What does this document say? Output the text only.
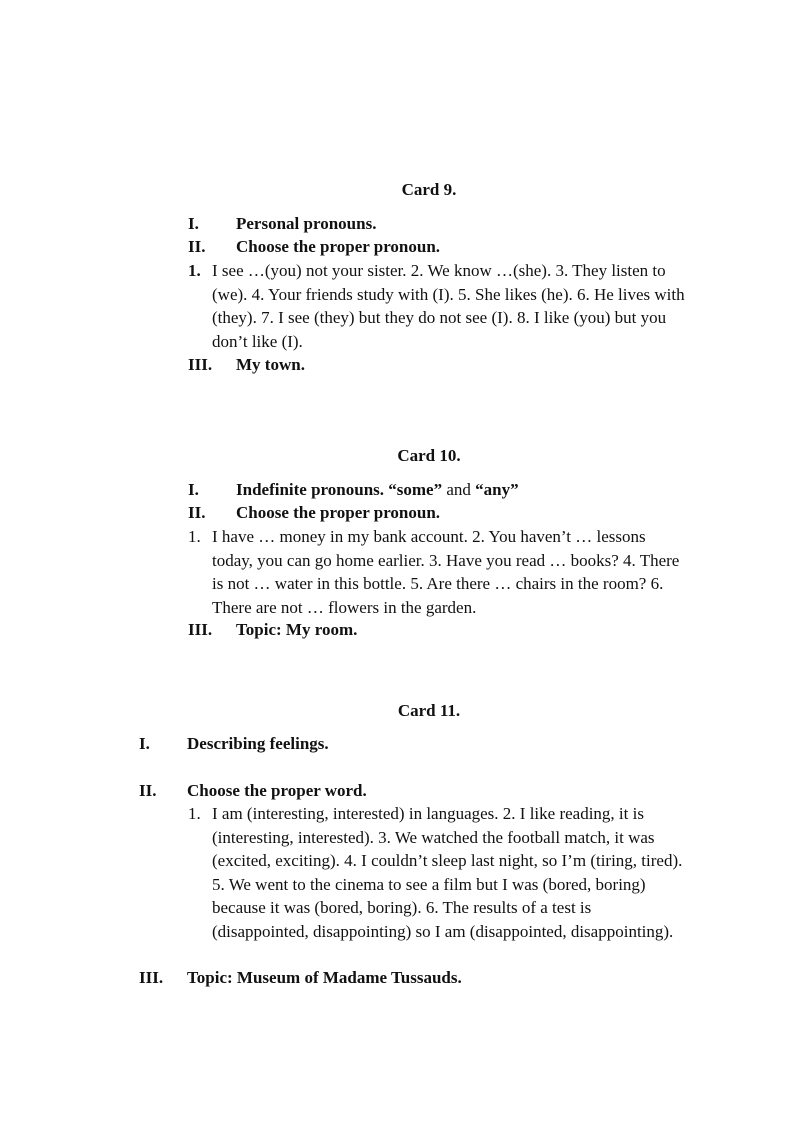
Card 9.
I. Personal pronouns.
II. Choose the proper pronoun.
1. I see …(you) not your sister. 2. We know …(she). 3. They listen to
(we). 4. Your friends study with (I). 5. She likes (he). 6. He lives with
(they). 7. I see (they) but they do not see (I). 8. I like (you) but you
don’t like (I).
III. My town.
Card 10.
I. Indefinite pronouns. “some” and “any”
II. Choose the proper pronoun.
1. I have … money in my bank account. 2. You haven’t … lessons
today, you can go home earlier. 3. Have you read … books? 4. There
is not … water in this bottle. 5. Are there … chairs in the room? 6.
There are not … flowers in the garden.
III. Topic: My room.
Card 11.
I. Describing feelings.
II. Choose the proper word.
1. I am (interesting, interested) in languages. 2. I like reading, it is
(interesting, interested). 3. We watched the football match, it was
(excited, exciting). 4. I couldn’t sleep last night, so I’m (tiring, tired).
5. We went to the cinema to see a film but I was (bored, boring)
because it was (bored, boring). 6. The results of a test is
(disappointed, disappointing) so I am (disappointed, disappointing).
III. Topic: Museum of Madame Tussauds.
